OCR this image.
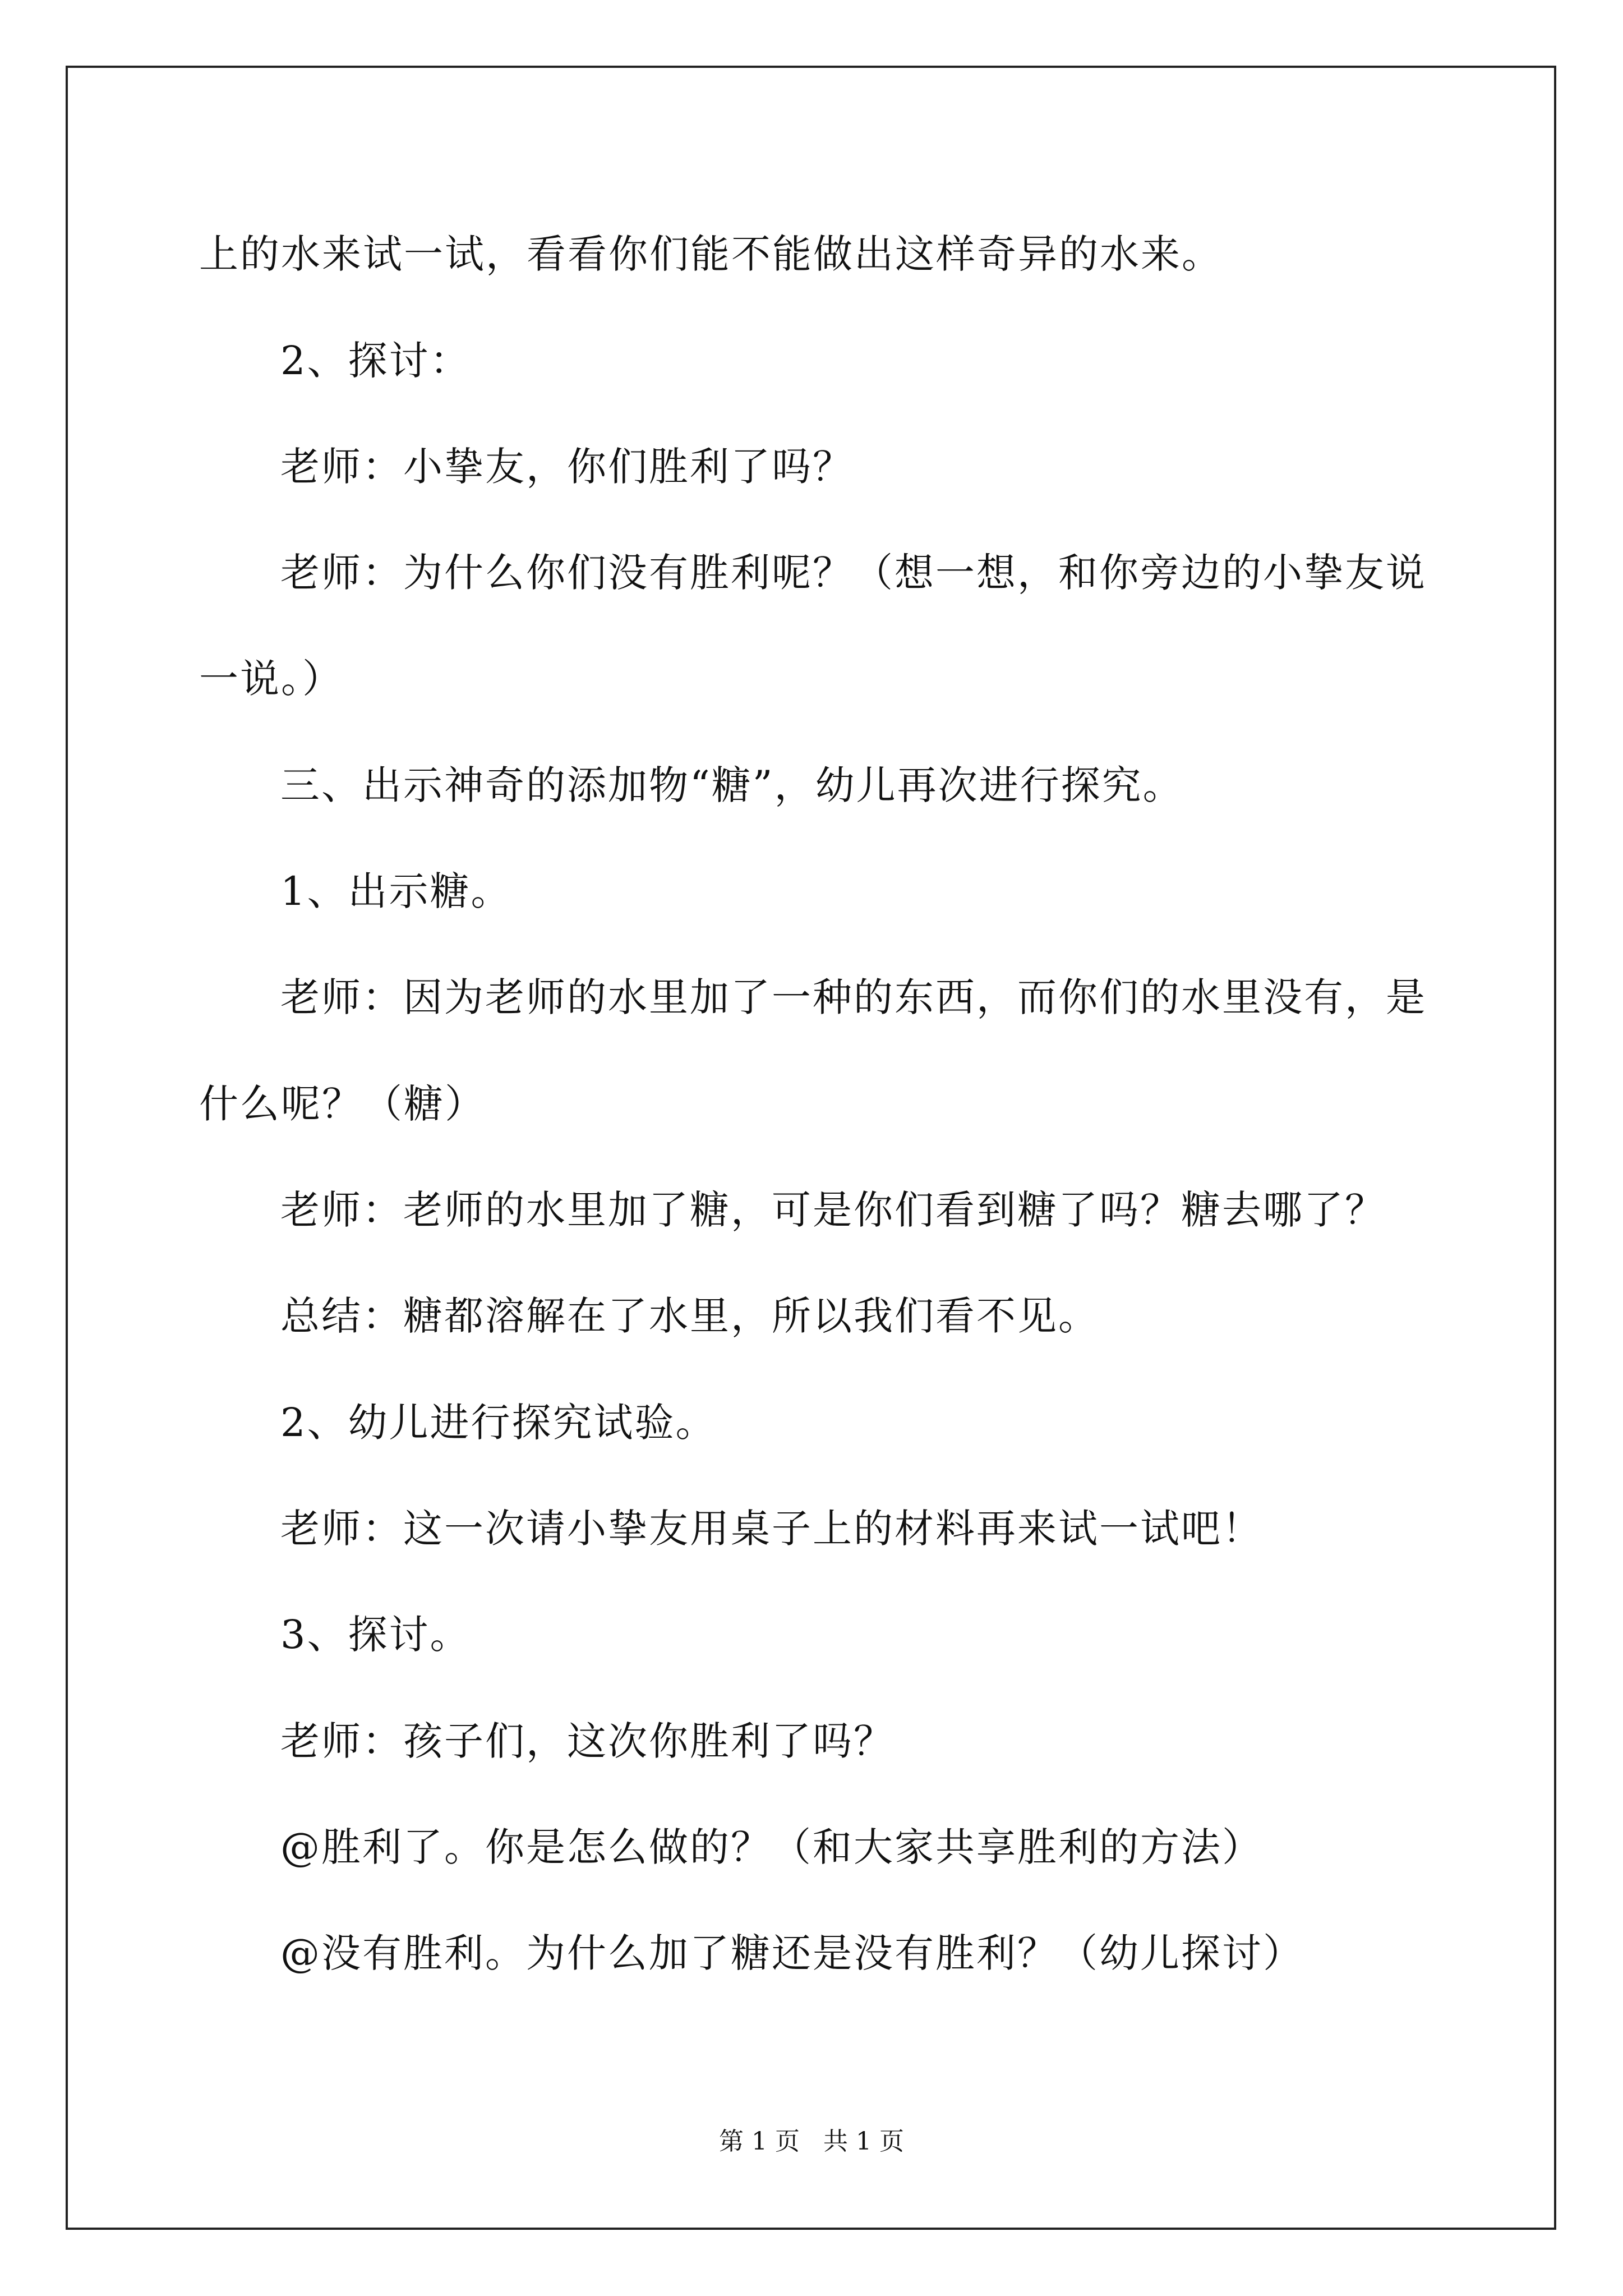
上的水来试一试，看看你们能不能做出这样奇异的水来。
2、探讨：
老师：小挚友，你们胜利了吗？
老师：为什么你们没有胜利呢？（想一想，和你旁边的小挚友说
一说。）
三、出示神奇的添加物“糖”，幼儿再次进行探究。
1、出示糖。
老师：因为老师的水里加了一种的东西，而你们的水里没有，是
什么呢？（糖）
老师：老师的水里加了糖，可是你们看到糖了吗？糖去哪了？
总结：糖都溶解在了水里，所以我们看不见。
2、幼儿进行探究试验。
老师：这一次请小挚友用桌子上的材料再来试一试吧！
3、探讨。
老师：孩子们，这次你胜利了吗？
@胜利了。你是怎么做的？（和大家共享胜利的方法）
@没有胜利。为什么加了糖还是没有胜利？（幼儿探讨）
第 1 页   共 1 页
